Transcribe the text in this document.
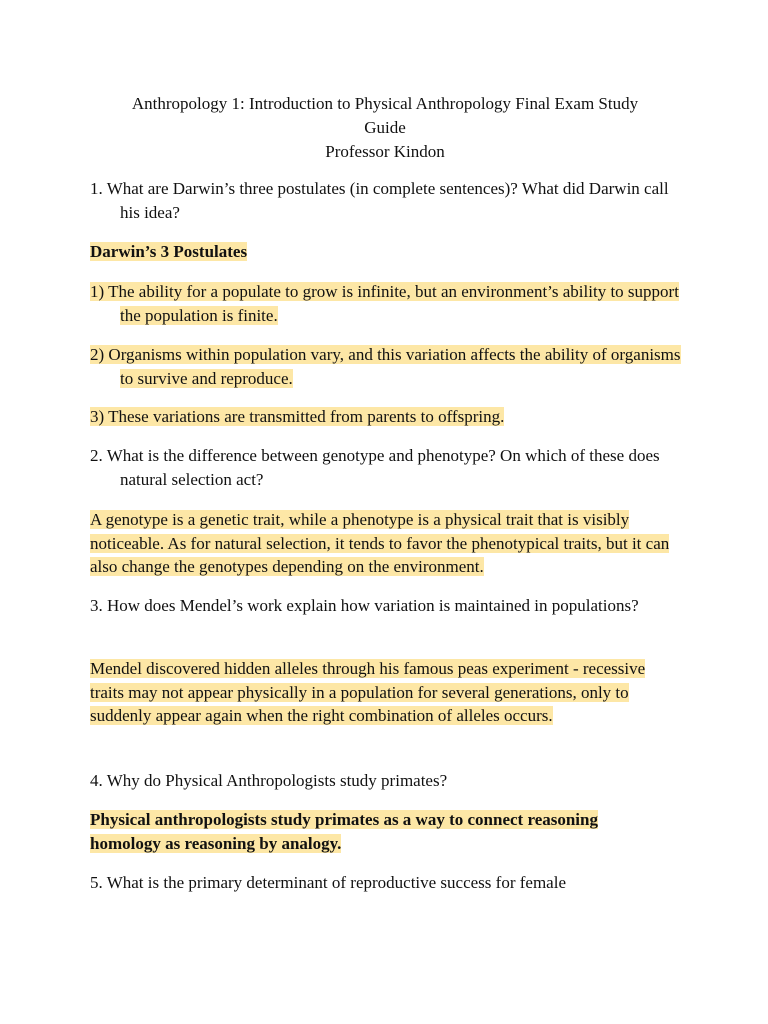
Anthropology 1: Introduction to Physical Anthropology Final Exam Study
Guide
Professor Kindon
1. What are Darwin’s three postulates (in complete sentences)? What did Darwin call his idea?
Darwin’s 3 Postulates
1) The ability for a populate to grow is infinite, but an environment’s ability to support the population is finite.
2) Organisms within population vary, and this variation affects the ability of organisms to survive and reproduce.
3) These variations are transmitted from parents to offspring.
2. What is the difference between genotype and phenotype? On which of these does natural selection act?
A genotype is a genetic trait, while a phenotype is a physical trait that is visibly noticeable. As for natural selection, it tends to favor the phenotypical traits, but it can also change the genotypes depending on the environment.
3. How does Mendel’s work explain how variation is maintained in populations?
Mendel discovered hidden alleles through his famous peas experiment - recessive traits may not appear physically in a population for several generations, only to suddenly appear again when the right combination of alleles occurs.
4. Why do Physical Anthropologists study primates?
Physical anthropologists study primates as a way to connect reasoning homology as reasoning by analogy.
5. What is the primary determinant of reproductive success for female
